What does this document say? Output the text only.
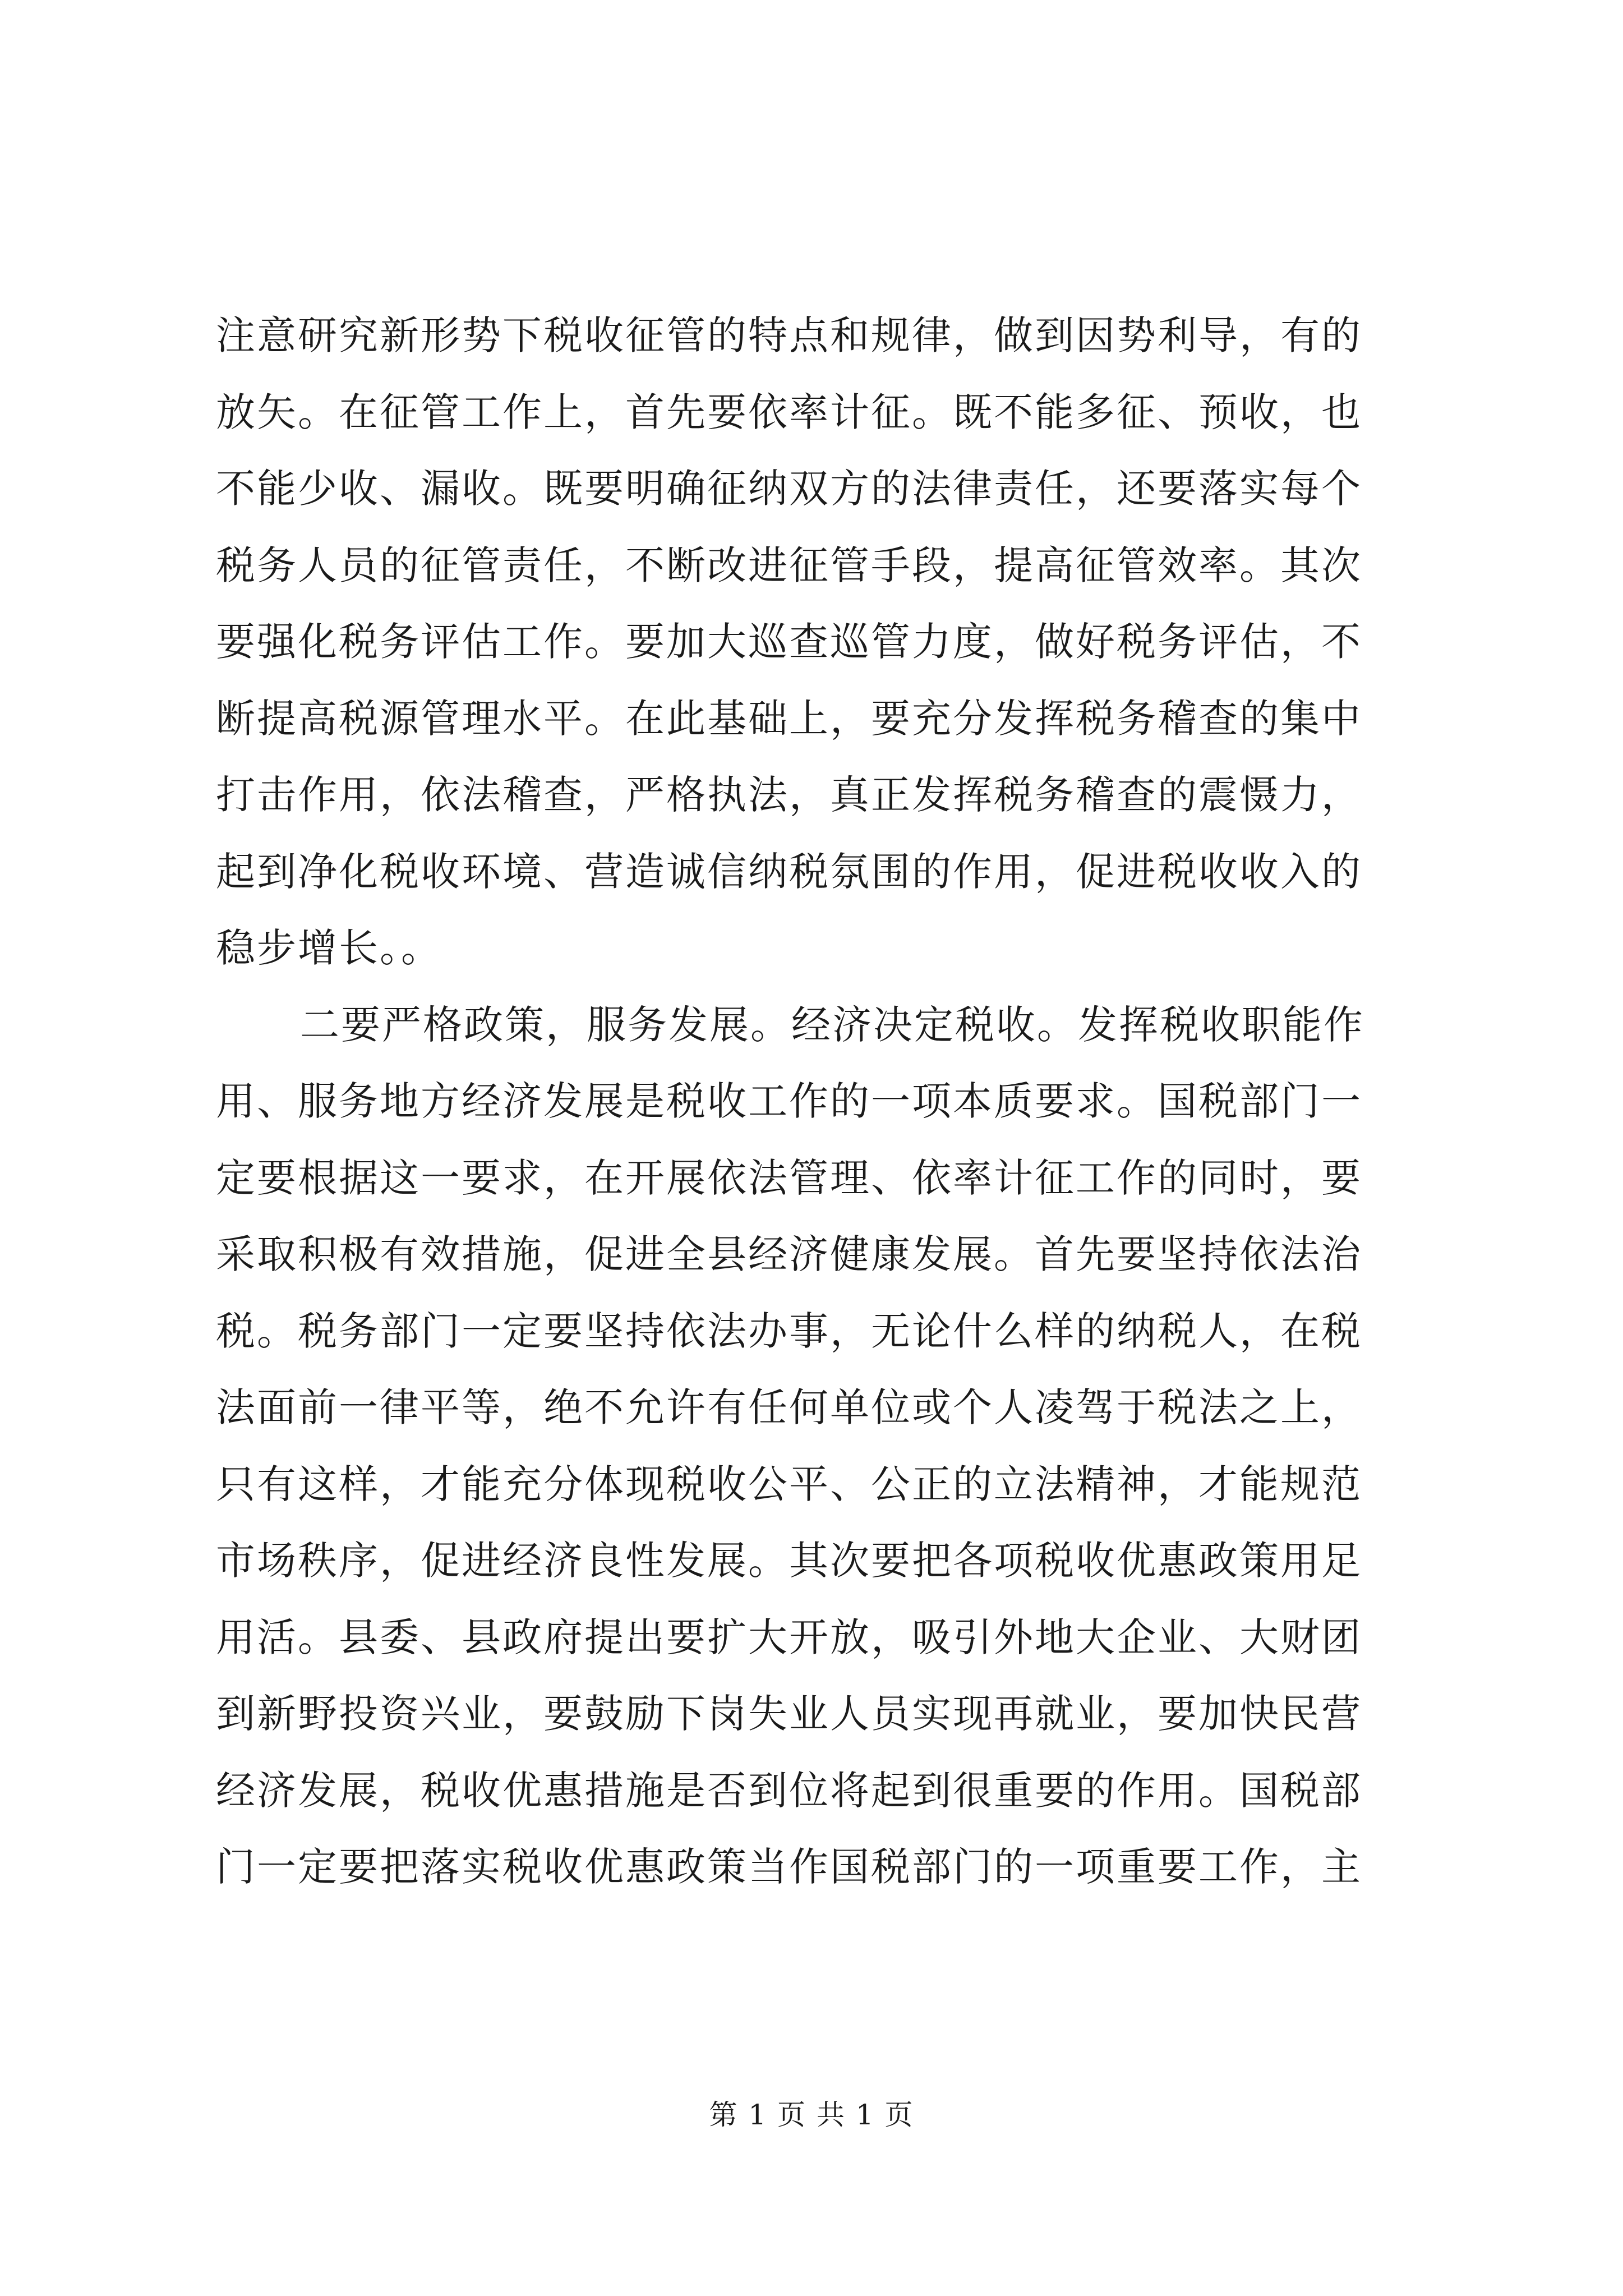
注意研究新形势下税收征管的特点和规律，做到因势利导，有的
放矢。在征管工作上，首先要依率计征。既不能多征、预收，也
不能少收、漏收。既要明确征纳双方的法律责任，还要落实每个
税务人员的征管责任，不断改进征管手段，提高征管效率。其次
要强化税务评估工作。要加大巡查巡管力度，做好税务评估，不
断提高税源管理水平。在此基础上，要充分发挥税务稽查的集中
打击作用，依法稽查，严格执法，真正发挥税务稽查的震慑力，
起到净化税收环境、营造诚信纳税氛围的作用，促进税收收入的
稳步增长。。
二要严格政策，服务发展。经济决定税收。发挥税收职能作
用、服务地方经济发展是税收工作的一项本质要求。国税部门一
定要根据这一要求，在开展依法管理、依率计征工作的同时，要
采取积极有效措施，促进全县经济健康发展。首先要坚持依法治
税。税务部门一定要坚持依法办事，无论什么样的纳税人，在税
法面前一律平等，绝不允许有任何单位或个人凌驾于税法之上，
只有这样，才能充分体现税收公平、公正的立法精神，才能规范
市场秩序，促进经济良性发展。其次要把各项税收优惠政策用足
用活。县委、县政府提出要扩大开放，吸引外地大企业、大财团
到新野投资兴业，要鼓励下岗失业人员实现再就业，要加快民营
经济发展，税收优惠措施是否到位将起到很重要的作用。国税部
门一定要把落实税收优惠政策当作国税部门的一项重要工作，主
第 1 页 共 1 页
